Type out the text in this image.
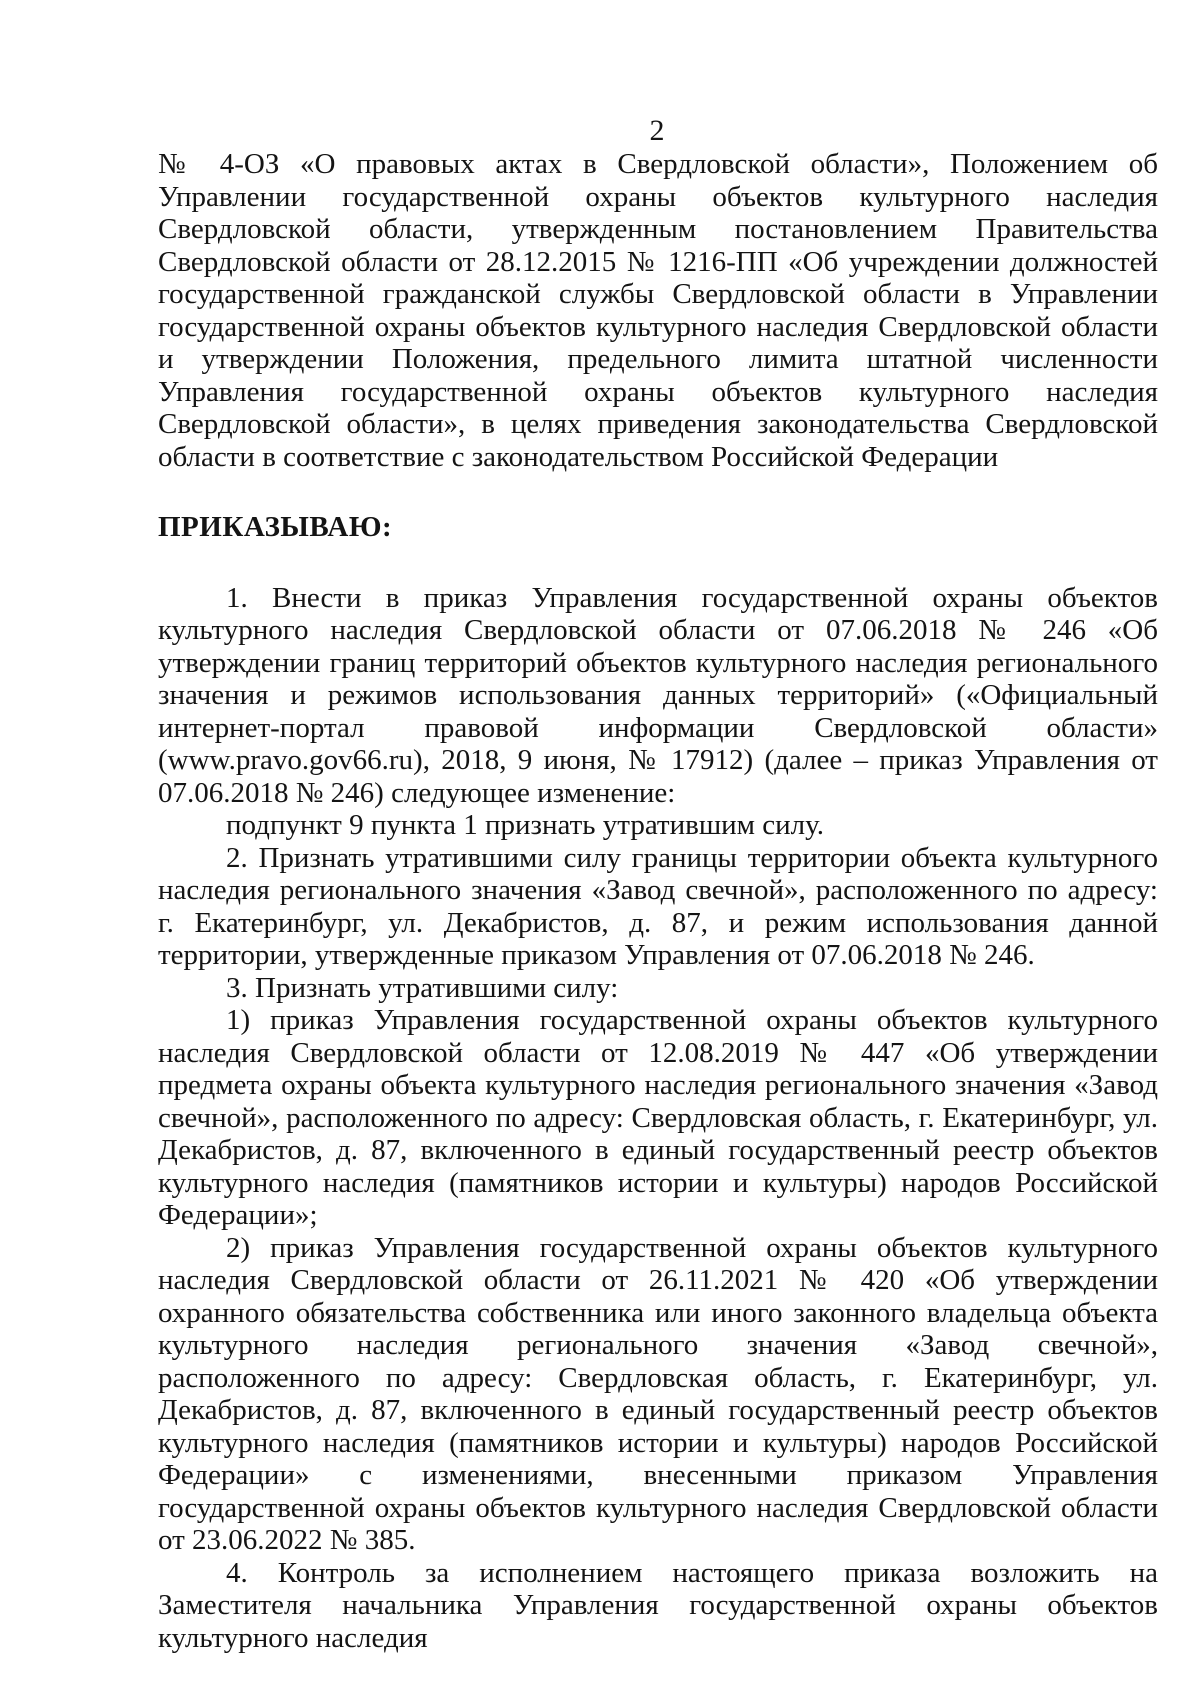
2

№ 4-ОЗ «О правовых актах в Свердловской области», Положением об Управлении государственной охраны объектов культурного наследия Свердловской области, утвержденным постановлением Правительства Свердловской области от 28.12.2015 № 1216-ПП «Об учреждении должностей государственной гражданской службы Свердловской области в Управлении государственной охраны объектов культурного наследия Свердловской области и утверждении Положения, предельного лимита штатной численности Управления государственной охраны объектов культурного наследия Свердловской области», в целях приведения законодательства Свердловской области в соответствие с законодательством Российской Федерации

ПРИКАЗЫВАЮ:

1. Внести в приказ Управления государственной охраны объектов культурного наследия Свердловской области от 07.06.2018 № 246 «Об утверждении границ территорий объектов культурного наследия регионального значения и режимов использования данных территорий» («Официальный интернет-портал правовой информации Свердловской области» (www.pravo.gov66.ru), 2018, 9 июня, № 17912) (далее – приказ Управления от 07.06.2018 № 246) следующее изменение:

подпункт 9 пункта 1 признать утратившим силу.

2. Признать утратившими силу границы территории объекта культурного наследия регионального значения «Завод свечной», расположенного по адресу: г. Екатеринбург, ул. Декабристов, д. 87, и режим использования данной территории, утвержденные приказом Управления от 07.06.2018 № 246.

3. Признать утратившими силу:

1) приказ Управления государственной охраны объектов культурного наследия Свердловской области от 12.08.2019 № 447 «Об утверждении предмета охраны объекта культурного наследия регионального значения «Завод свечной», расположенного по адресу: Свердловская область, г. Екатеринбург, ул. Декабристов, д. 87, включенного в единый государственный реестр объектов культурного наследия (памятников истории и культуры) народов Российской Федерации»;

2) приказ Управления государственной охраны объектов культурного наследия Свердловской области от 26.11.2021 № 420 «Об утверждении охранного обязательства собственника или иного законного владельца объекта культурного наследия регионального значения «Завод свечной», расположенного по адресу: Свердловская область, г. Екатеринбург, ул. Декабристов, д. 87, включенного в единый государственный реестр объектов культурного наследия (памятников истории и культуры) народов Российской Федерации» с изменениями, внесенными приказом Управления государственной охраны объектов культурного наследия Свердловской области от 23.06.2022 № 385.

4. Контроль за исполнением настоящего приказа возложить на Заместителя начальника Управления государственной охраны объектов культурного наследия
